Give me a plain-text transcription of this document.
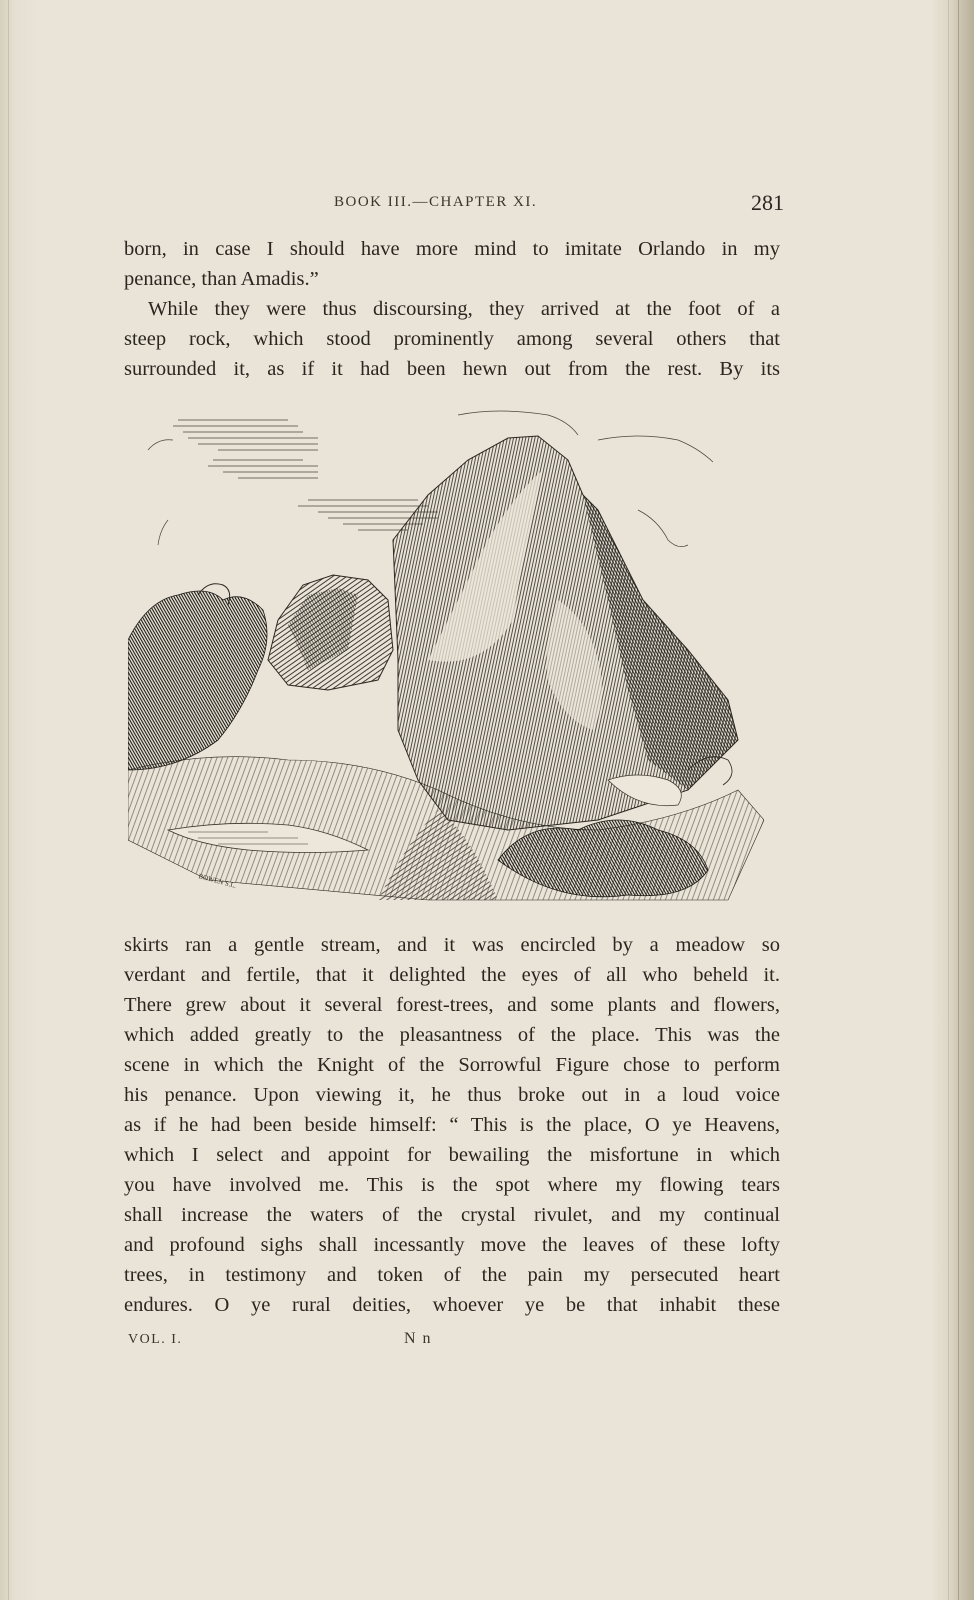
BOOK III.—CHAPTER XI.	281
born, in case I should have more mind to imitate Orlando in my
penance, than Amadis.”
While they were thus discoursing, they arrived at the foot of a
steep rock, which stood prominently among several others that
surrounded it, as if it had been hewn out from the rest. By its
BOWEN S.L.
skirts ran a gentle stream, and it was encircled by a meadow so
verdant and fertile, that it delighted the eyes of all who beheld it.
There grew about it several forest-trees, and some plants and flowers,
which added greatly to the pleasantness of the place. This was the
scene in which the Knight of the Sorrowful Figure chose to perform
his penance. Upon viewing it, he thus broke out in a loud voice
as if he had been beside himself: “ This is the place, O ye Heavens,
which I select and appoint for bewailing the misfortune in which
you have involved me. This is the spot where my flowing tears
shall increase the waters of the crystal rivulet, and my continual
and profound sighs shall incessantly move the leaves of these lofty
trees, in testimony and token of the pain my persecuted heart
endures. O ye rural deities, whoever ye be that inhabit these
VOL. I.	N n
